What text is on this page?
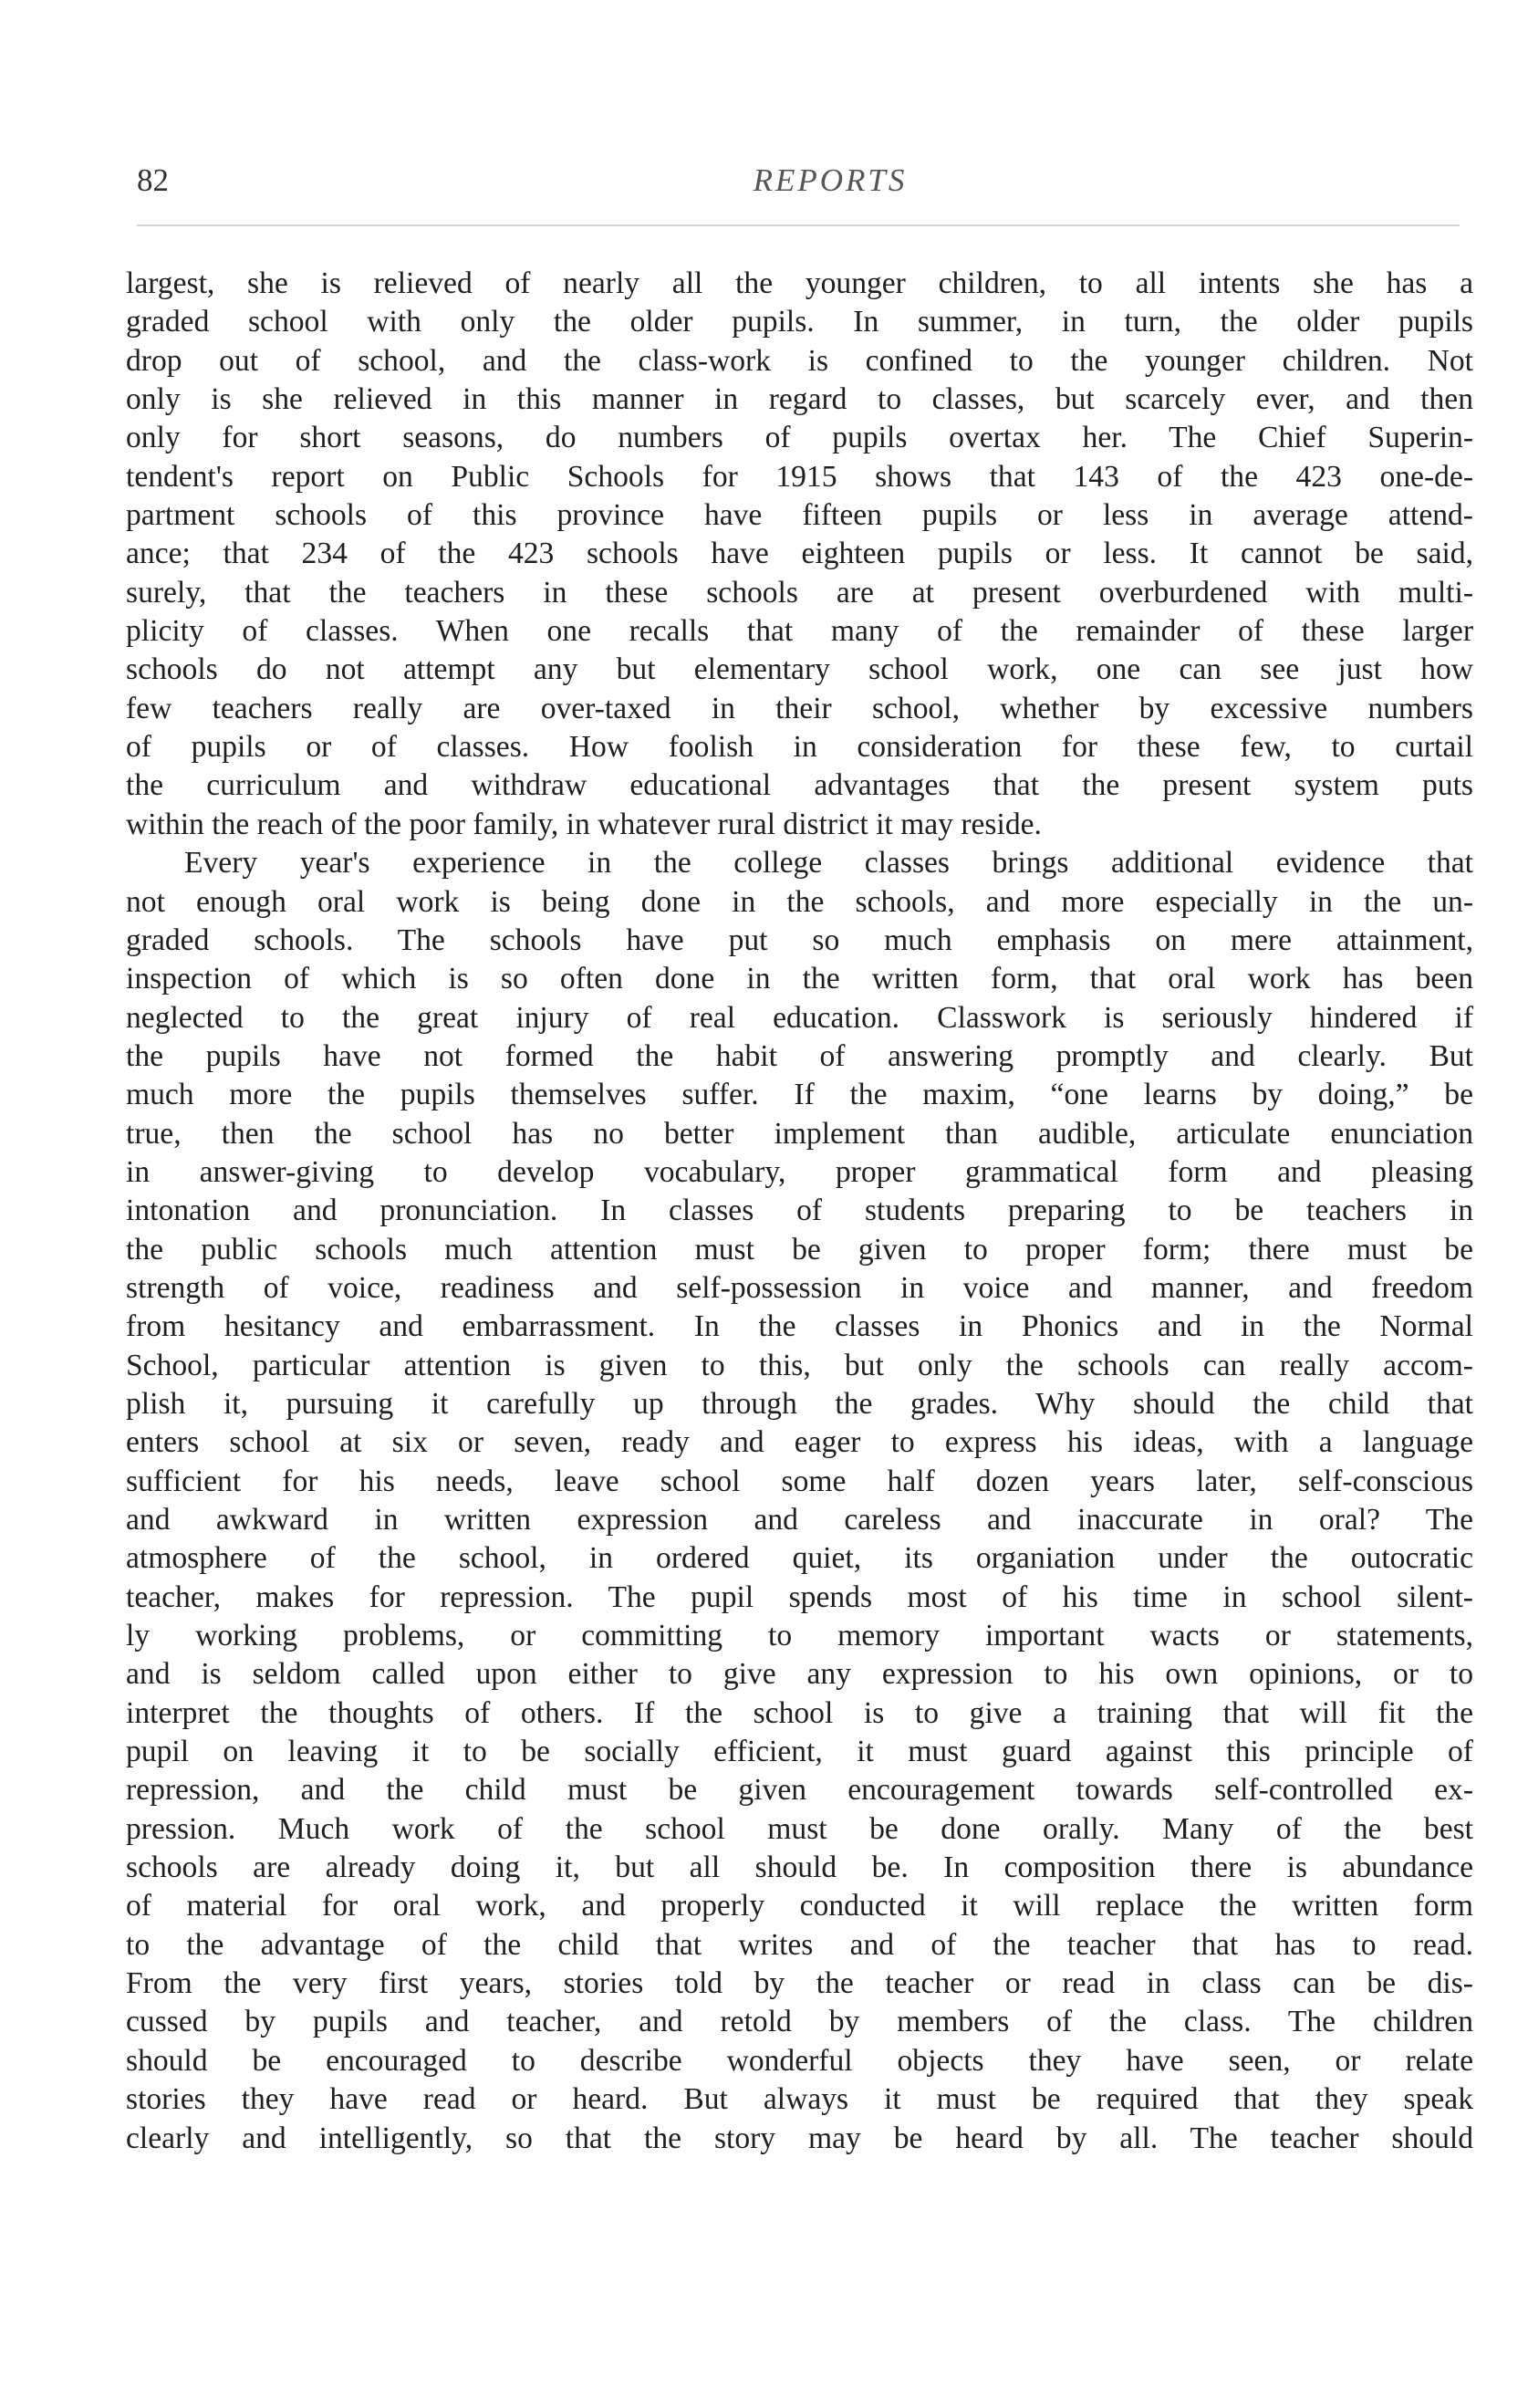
82	REPORTS
largest, she is relieved of nearly all the younger children, to all intents she has a
graded school with only the older pupils. In summer, in turn, the older pupils
drop out of school, and the class-work is confined to the younger children. Not
only is she relieved in this manner in regard to classes, but scarcely ever, and then
only for short seasons, do numbers of pupils overtax her. The Chief Superin-
tendent's report on Public Schools for 1915 shows that 143 of the 423 one-de-
partment schools of this province have fifteen pupils or less in average attend-
ance; that 234 of the 423 schools have eighteen pupils or less. It cannot be said,
surely, that the teachers in these schools are at present overburdened with multi-
plicity of classes. When one recalls that many of the remainder of these larger
schools do not attempt any but elementary school work, one can see just how
few teachers really are over-taxed in their school, whether by excessive numbers
of pupils or of classes. How foolish in consideration for these few, to curtail
the curriculum and withdraw educational advantages that the present system puts
within the reach of the poor family, in whatever rural district it may reside.
Every year's experience in the college classes brings additional evidence that
not enough oral work is being done in the schools, and more especially in the un-
graded schools. The schools have put so much emphasis on mere attainment,
inspection of which is so often done in the written form, that oral work has been
neglected to the great injury of real education. Classwork is seriously hindered if
the pupils have not formed the habit of answering promptly and clearly. But
much more the pupils themselves suffer. If the maxim, “one learns by doing,” be
true, then the school has no better implement than audible, articulate enunciation
in answer-giving to develop vocabulary, proper grammatical form and pleasing
intonation and pronunciation. In classes of students preparing to be teachers in
the public schools much attention must be given to proper form; there must be
strength of voice, readiness and self-possession in voice and manner, and freedom
from hesitancy and embarrassment. In the classes in Phonics and in the Normal
School, particular attention is given to this, but only the schools can really accom-
plish it, pursuing it carefully up through the grades. Why should the child that
enters school at six or seven, ready and eager to express his ideas, with a language
sufficient for his needs, leave school some half dozen years later, self-conscious
and awkward in written expression and careless and inaccurate in oral? The
atmosphere of the school, in ordered quiet, its organiation under the outocratic
teacher, makes for repression. The pupil spends most of his time in school silent-
ly working problems, or committing to memory important wacts or statements,
and is seldom called upon either to give any expression to his own opinions, or to
interpret the thoughts of others. If the school is to give a training that will fit the
pupil on leaving it to be socially efficient, it must guard against this principle of
repression, and the child must be given encouragement towards self-controlled ex-
pression. Much work of the school must be done orally. Many of the best
schools are already doing it, but all should be. In composition there is abundance
of material for oral work, and properly conducted it will replace the written form
to the advantage of the child that writes and of the teacher that has to read.
From the very first years, stories told by the teacher or read in class can be dis-
cussed by pupils and teacher, and retold by members of the class. The children
should be encouraged to describe wonderful objects they have seen, or relate
stories they have read or heard. But always it must be required that they speak
clearly and intelligently, so that the story may be heard by all. The teacher should
